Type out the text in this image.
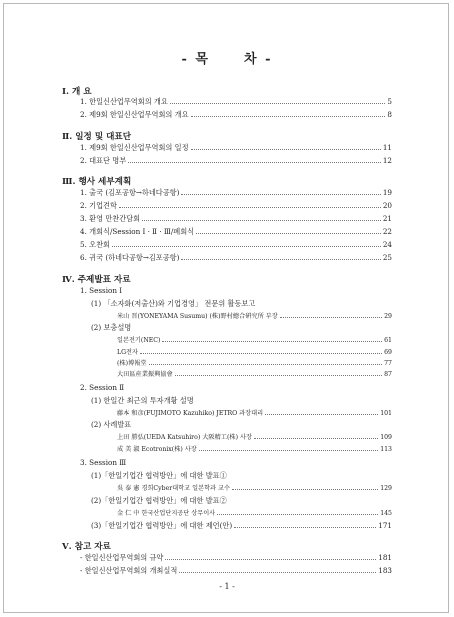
- 목	차 -
Ⅰ. 개 요
1. 한일신산업무역회의 개요	5
2. 제9회 한일신산업무역회의 개요	8
Ⅱ. 일정 및 대표단
1. 제9회 한일신산업무역회의 일정	11
2. 대표단 명부	12
Ⅲ. 행사 세부계획
1. 출국 (김포공항→하네다공항)	19
2. 기업견학	20
3. 환영 만찬간담회	21
4. 개회식/Session Ⅰ · Ⅱ · Ⅲ/폐회식	22
5. 오찬회	24
6. 귀국 (하네다공항→김포공항)	25
Ⅳ. 주제발표 자료
1. Session Ⅰ
(1) 「소자화(저출산)와 기업경영」 전문위 활동보고
米山 晋(YONEYAMA Susumu) (株)野村總合硏究所 부장	29
(2) 보충설명
일본전기(NEC)	61
LG전자	69
(株)博報堂	77
大田區産業振興協會	87
2. Session Ⅱ
(1) 한일간 최근의 투자개황 설명
藤本 和彦(FUJIMOTO Kazuhiko) JETRO 과장대리	101
(2) 사례발표
上田 勝弘(UEDA Katsuhiro) 大阪精工(株) 사장	109
成 美 淑 Ecotronix(株) 사장	113
3. Session Ⅲ
(1)「한일기업간 협력방안」에 대한 발표①
吳 泰 憲 경희Cyber대학교 일본학과 교수	129
(2)「한일기업간 협력방안」에 대한 발표②
金 仁 中 한국산업단지공단 상무이사	145
(3)「한일기업간 협력방안」에 대한 제언(안)	171
Ⅴ. 참고 자료
- 한일신산업무역회의 규약	181
- 한일신산업무역회의 개최실적	183
- 1 -
